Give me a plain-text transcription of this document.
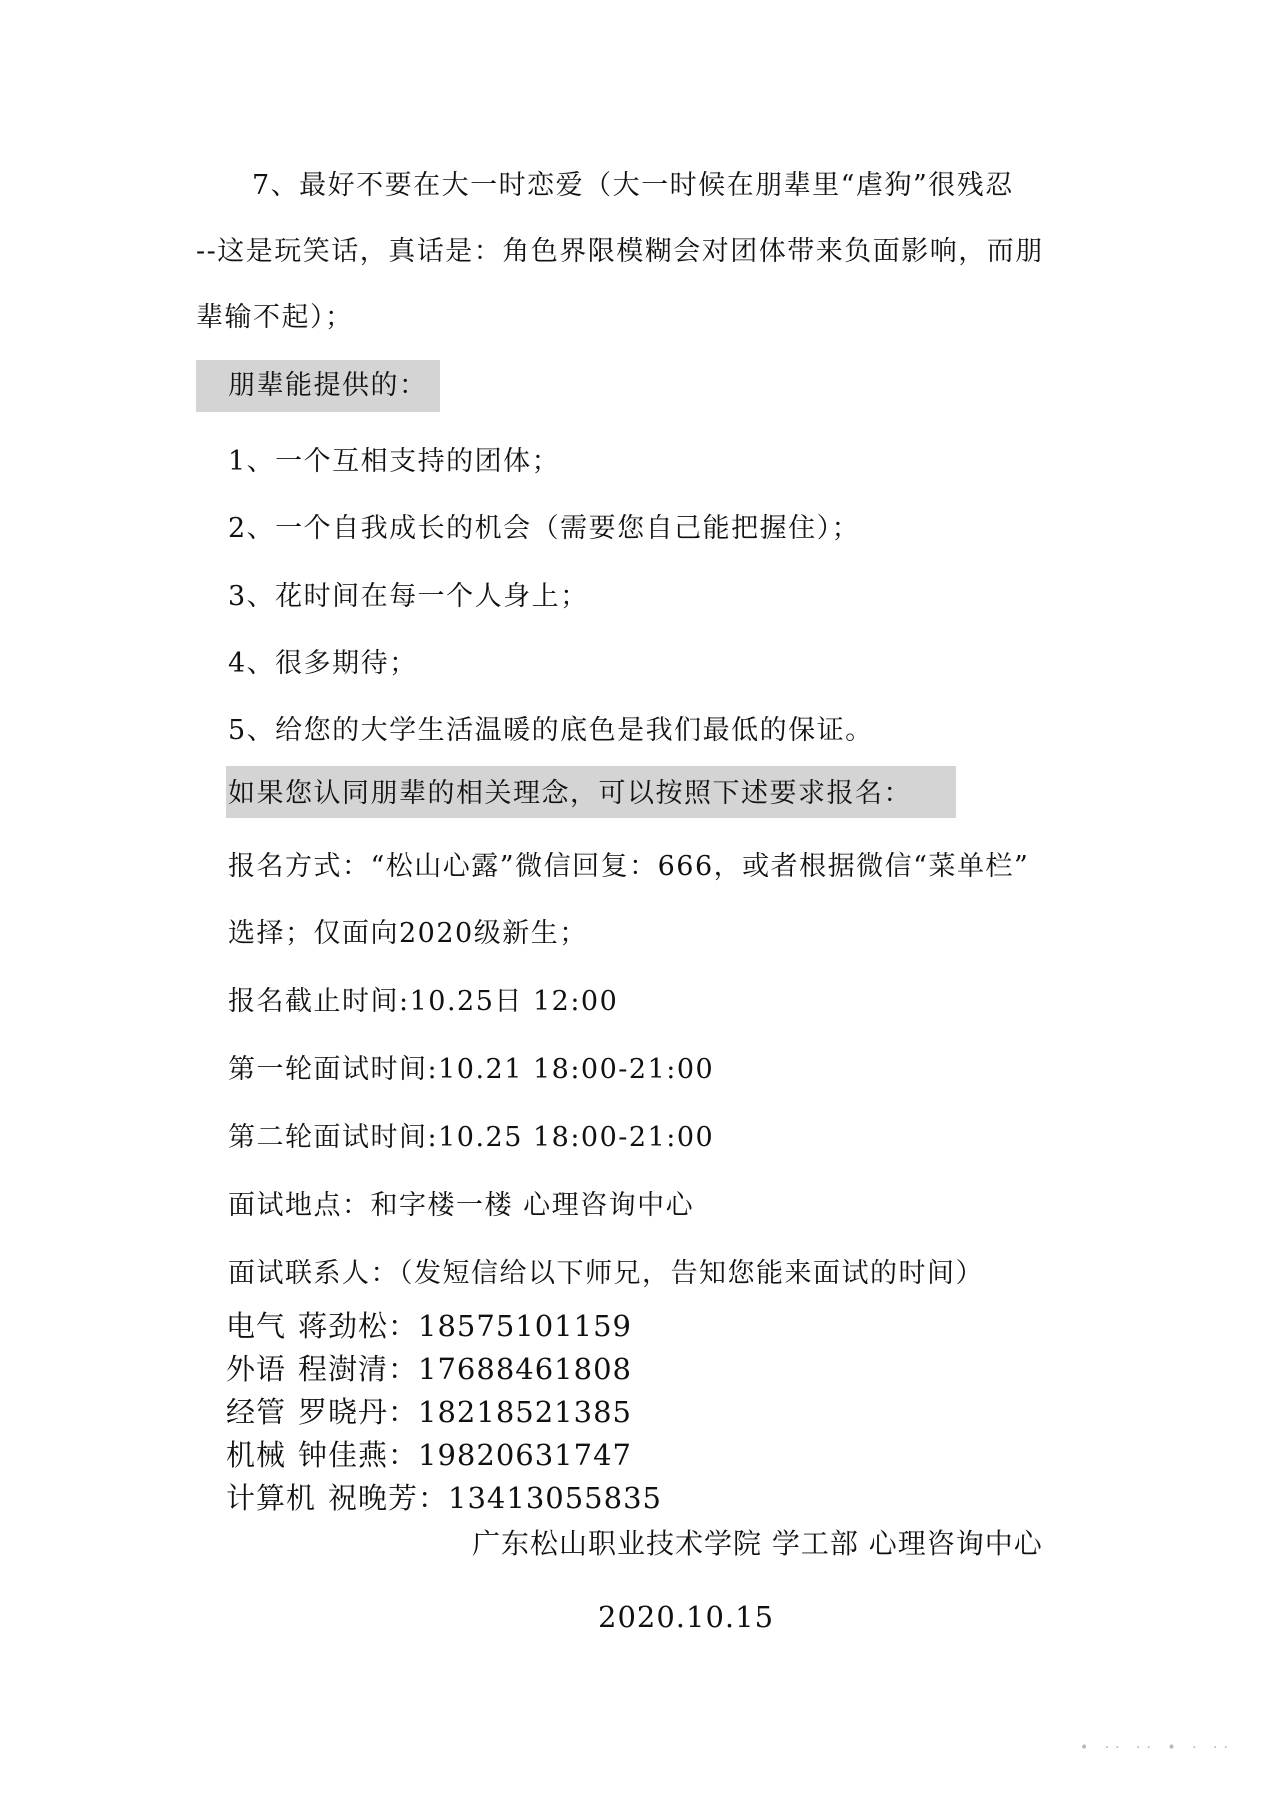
7、最好不要在大一时恋爱（大一时候在朋辈里“虐狗”很残忍
--这是玩笑话，真话是：角色界限模糊会对团体带来负面影响，而朋
辈输不起）；
朋辈能提供的：
1、一个互相支持的团体；
2、一个自我成长的机会（需要您自己能把握住）；
3、花时间在每一个人身上；
4、很多期待；
5、给您的大学生活温暖的底色是我们最低的保证。
如果您认同朋辈的相关理念，可以按照下述要求报名：
报名方式：“松山心露”微信回复：666，或者根据微信“菜单栏”
选择；仅面向2020级新生；
报名截止时间:10.25日 12:00
第一轮面试时间:10.21 18:00-21:00
第二轮面试时间:10.25 18:00-21:00
面试地点：和字楼一楼 心理咨询中心
面试联系人：（发短信给以下师兄，告知您能来面试的时间）
电气 蒋劲松：18575101159
外语 程澍清：17688461808
经管 罗晓丹：18218521385
机械 钟佳燕：19820631747
计算机 祝晚芳：13413055835
广东松山职业技术学院 学工部 心理咨询中心
2020.10.15
• ·· ·· • · ··
